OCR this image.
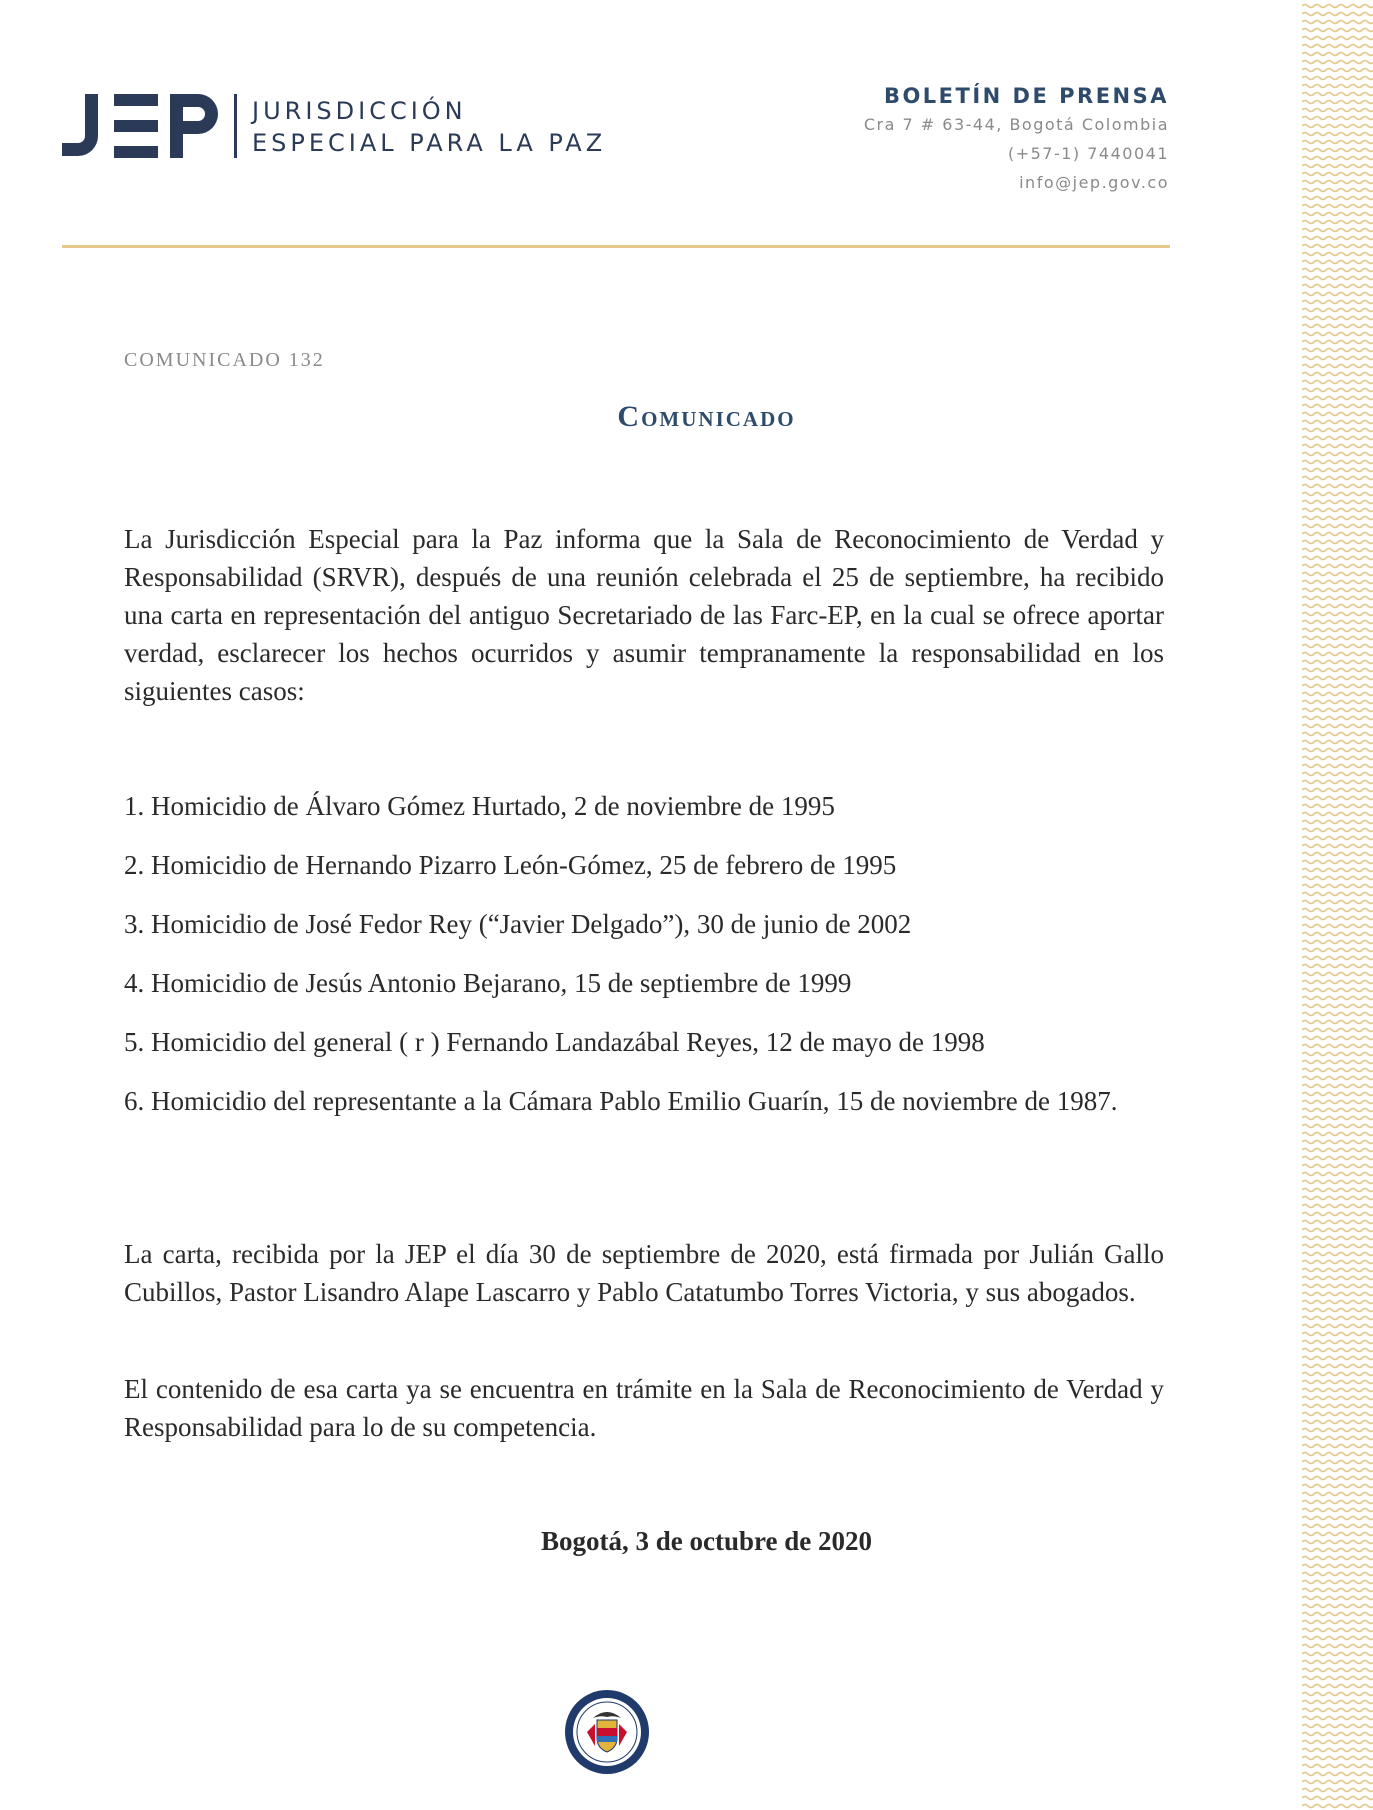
JEP
JURISDICCIÓN
ESPECIAL PARA LA PAZ
BOLETÍN DE PRENSA
Cra 7 # 63-44, Bogotá Colombia
(+57-1) 7440041
info@jep.gov.co
COMUNICADO 132
Comunicado
La Jurisdicción Especial para la Paz informa que la Sala de Reconocimiento de Verdad y Responsabilidad (SRVR), después de una reunión celebrada el 25 de septiembre, ha recibido una carta en representación del antiguo Secretariado de las Farc-EP, en la cual se ofrece aportar verdad, esclarecer los hechos ocurridos y asumir tempranamente la responsabilidad en los siguientes casos:
1. Homicidio de Álvaro Gómez Hurtado, 2 de noviembre de 1995
2. Homicidio de Hernando Pizarro León-Gómez, 25 de febrero de 1995
3. Homicidio de José Fedor Rey (“Javier Delgado”), 30 de junio de 2002
4. Homicidio de Jesús Antonio Bejarano, 15 de septiembre de 1999
5. Homicidio del general ( r ) Fernando Landazábal Reyes, 12 de mayo de 1998
6. Homicidio del representante a la Cámara Pablo Emilio Guarín, 15 de noviembre de 1987.
La carta, recibida por la JEP el día 30 de septiembre de 2020, está firmada por Julián Gallo Cubillos, Pastor Lisandro Alape Lascarro y Pablo Catatumbo Torres Victoria, y sus abogados.
El contenido de esa carta ya se encuentra en trámite en la Sala de Reconocimiento de Verdad y Responsabilidad para lo de su competencia.
Bogotá, 3 de octubre de 2020
REPÚBLICA DE COLOMBIA
